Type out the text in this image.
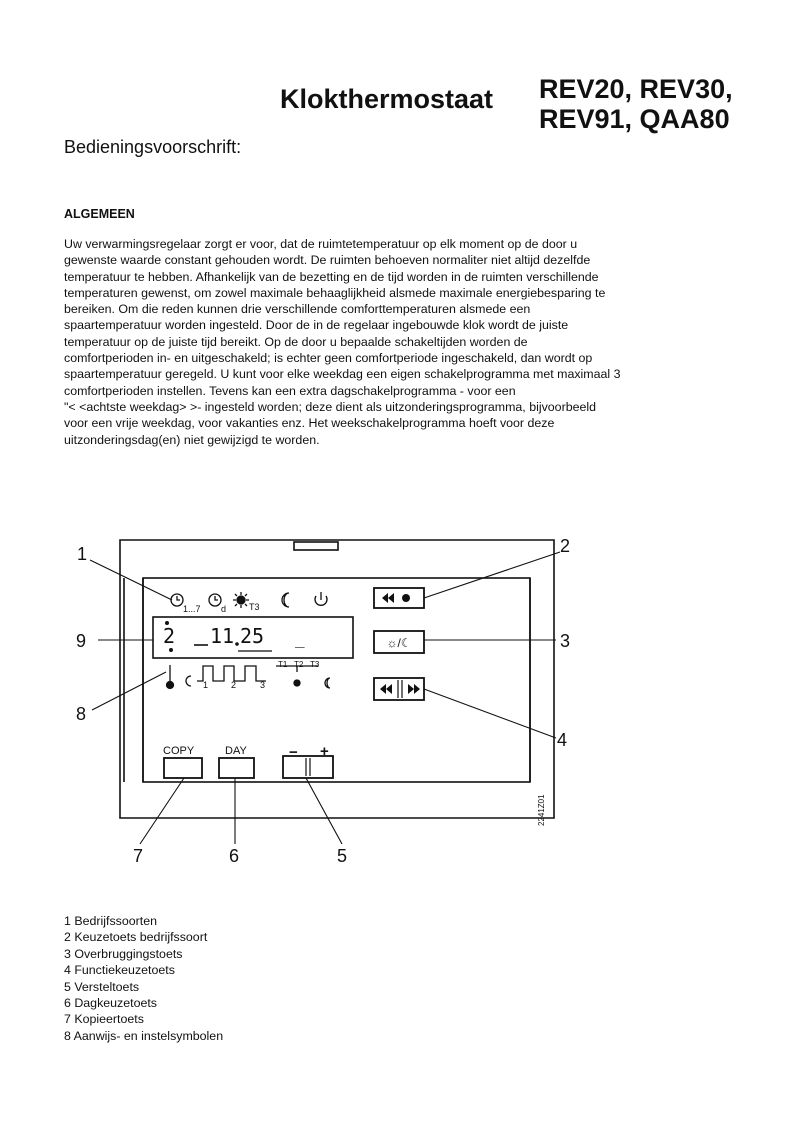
Klokthermostaat REV20, REV30,
REV91, QAA80
Bedieningsvoorschrift:
ALGEMEEN
Uw verwarmingsregelaar zorgt er voor, dat de ruimtetemperatuur op elk moment op de door u
gewenste waarde constant gehouden wordt. De ruimten behoeven normaliter niet altijd dezelfde
temperatuur te hebben. Afhankelijk van de bezetting en de tijd worden in de ruimten verschillende
temperaturen gewenst, om zowel maximale behaaglijkheid alsmede maximale energiebesparing te
bereiken. Om die reden kunnen drie verschillende comforttemperaturen alsmede een
spaartemperatuur worden ingesteld. Door de in de regelaar ingebouwde klok wordt de juiste
temperatuur op de juiste tijd bereikt. Op de door u bepaalde schakeltijden worden de
comfortperioden in- en uitgeschakeld; is echter geen comfortperiode ingeschakeld, dan wordt op
spaartemperatuur geregeld. U kunt voor elke weekdag een eigen schakelprogramma met maximaal 3
comfortperioden instellen. Tevens kan een extra dagschakelprogramma - voor een
"< <achtste weekdag> >- ingesteld worden; deze dient als uitzonderingsprogramma, bijvoorbeeld
voor een vrije weekdag, voor vakanties enz. Het weekschakelprogramma hoeft voor deze
uitzonderingsdag(en) niet gewijzigd te worden.
1...7 d	T3
2 11 25 _
1	2	3
T1 T2 T3
☼/☾
COPY	DAY	− +
2241Z01
1	2
3
4
5
6
7
8
9
1 Bedrijfssoorten
2 Keuzetoets bedrijfssoort
3 Overbruggingstoets
4 Functiekeuzetoets
5 Versteltoets
6 Dagkeuzetoets
7 Kopieertoets
8 Aanwijs- en instelsymbolen
